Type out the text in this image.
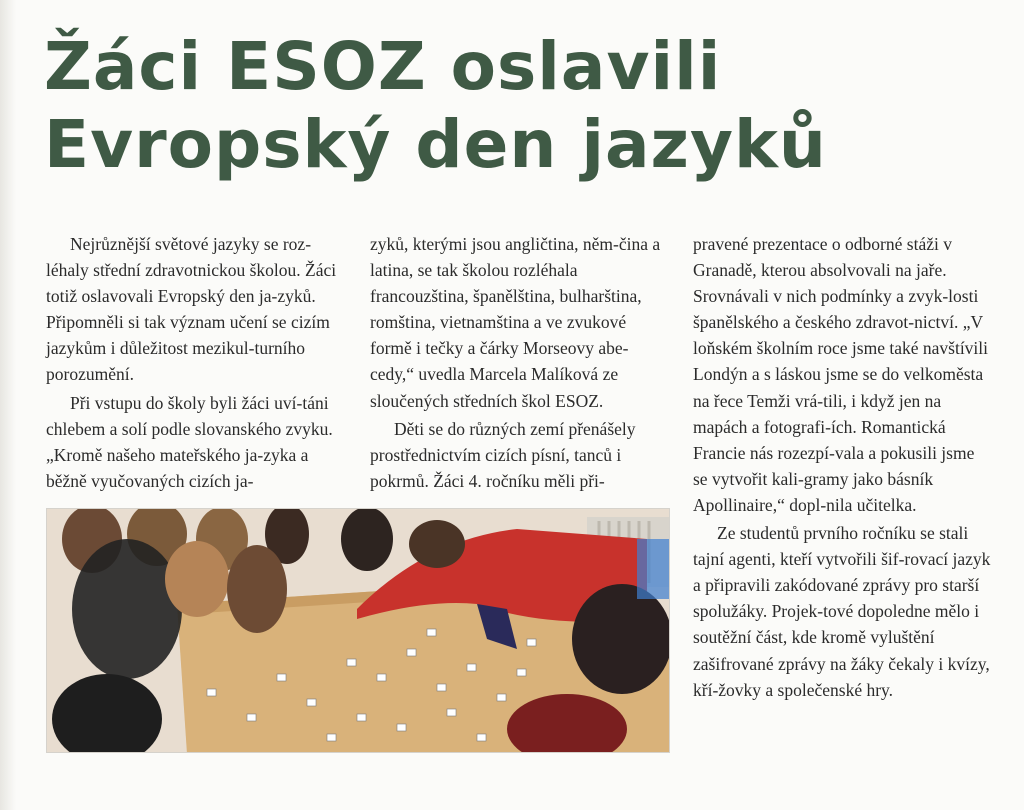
Žáci ESOZ oslavili
Evropský den jazyků

Nejrůznější světové jazyky se roz-léhaly střední zdravotnickou školou. Žáci totiž oslavovali Evropský den ja-zyků. Připomněli si tak význam učení se cizím jazykům i důležitost mezikul-turního porozumění.

Při vstupu do školy byli žáci uví-táni chlebem a solí podle slovanského zvyku. „Kromě našeho mateřského ja-zyka a běžně vyučovaných cizích ja-

zyků, kterými jsou angličtina, něm-čina a latina, se tak školou rozléhala francouzština, španělština, bulharština, romština, vietnamština a ve zvukové formě i tečky a čárky Morseovy abe-cedy,“ uvedla Marcela Malíková ze sloučených středních škol ESOZ.

Děti se do různých zemí přenášely prostřednictvím cizích písní, tanců i pokrmů. Žáci 4. ročníku měli při-

pravené prezentace o odborné stáži v Granadě, kterou absolvovali na jaře. Srovnávali v nich podmínky a zvyk-losti španělského a českého zdravot-nictví. „V loňském školním roce jsme také navštívili Londýn a s láskou jsme se do velkoměsta na řece Temži vrá-tili, i když jen na mapách a fotografi-ích. Romantická Francie nás rozezpí-vala a pokusili jsme se vytvořit kali-gramy jako básník Apollinaire,“ dopl-nila učitelka.

Ze studentů prvního ročníku se stali tajní agenti, kteří vytvořili šif-rovací jazyk a připravili zakódované zprávy pro starší spolužáky. Projek-tové dopoledne mělo i soutěžní část, kde kromě vyluštění zašifrované zprávy na žáky čekaly i kvízy, kří-žovky a společenské hry.
